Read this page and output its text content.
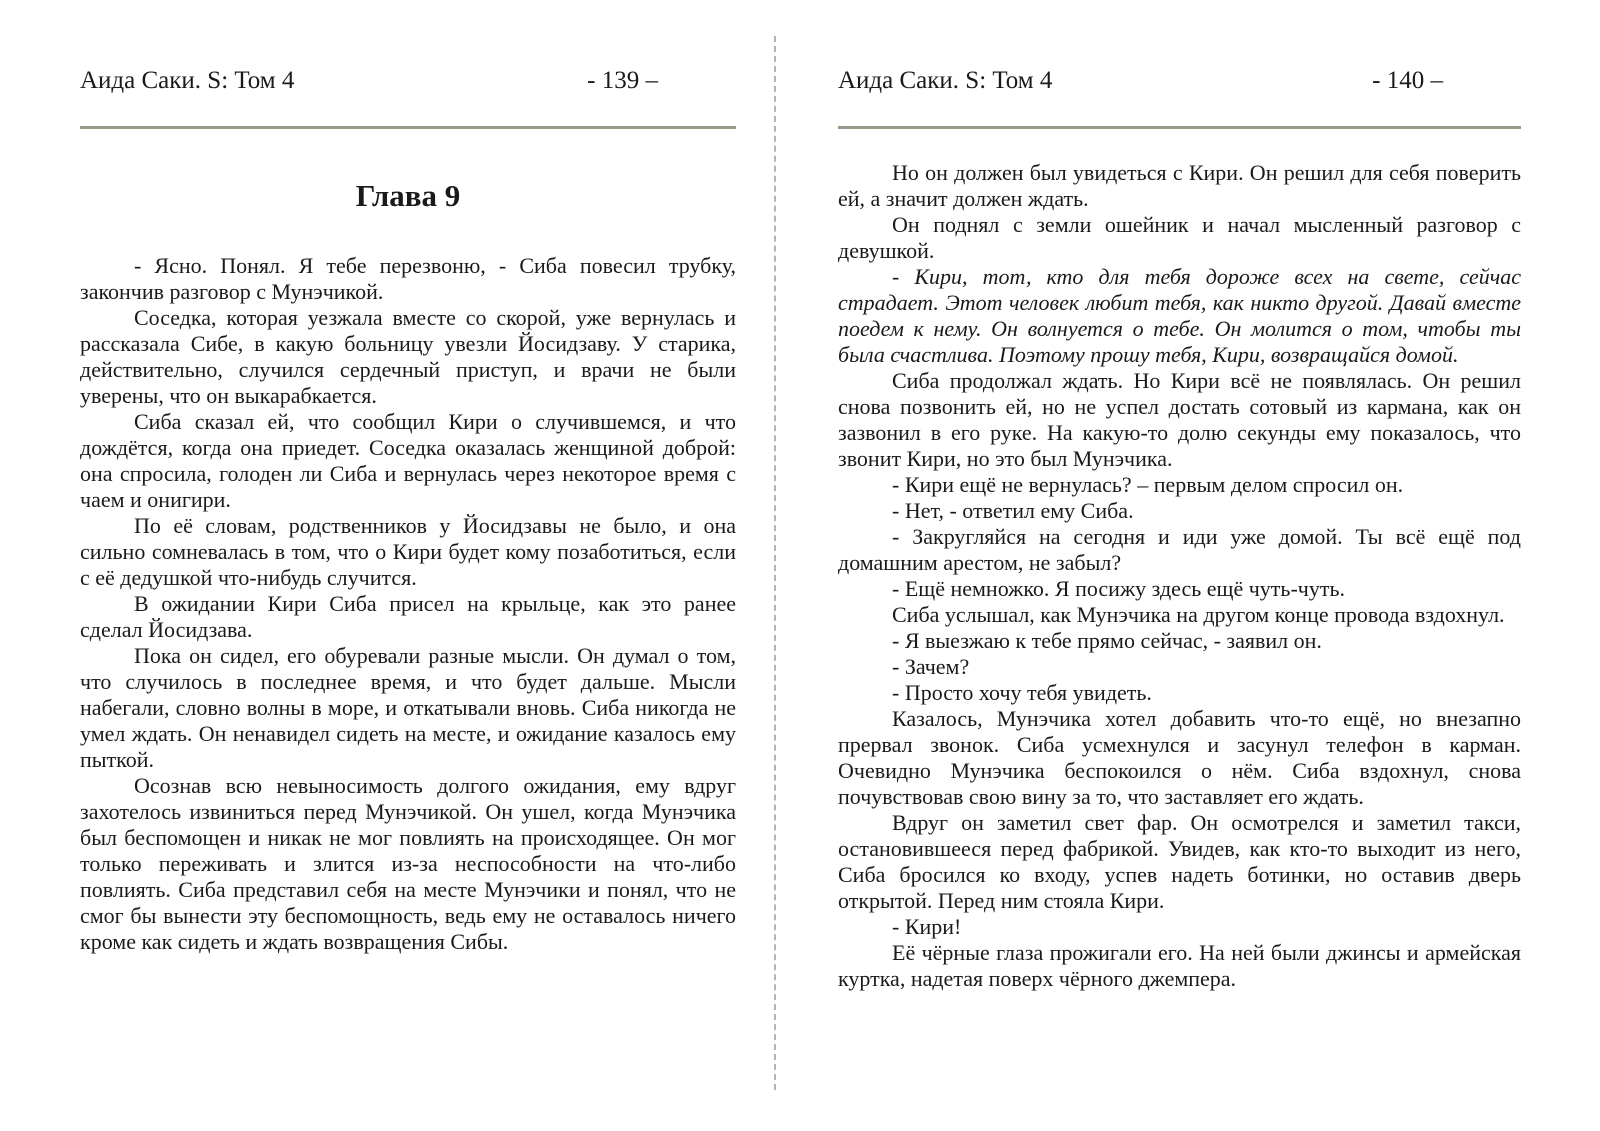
Аида Саки. S: Том 4	- 139 –
Глава 9

- Ясно. Понял. Я тебе перезвоню, - Сиба повесил трубку, закончив разговор с Мунэчикой.

Соседка, которая уезжала вместе со скорой, уже вернулась и рассказала Сибе, в какую больницу увезли Йосидзаву. У старика, действительно, случился сердечный приступ, и врачи не были уверены, что он выкарабкается.

Сиба сказал ей, что сообщил Кири о случившемся, и что дождётся, когда она приедет. Соседка оказалась женщиной доброй: она спросила, голоден ли Сиба и вернулась через некоторое время с чаем и онигири.

По её словам, родственников у Йосидзавы не было, и она сильно сомневалась в том, что о Кири будет кому позаботиться, если с её дедушкой что-нибудь случится.

В ожидании Кири Сиба присел на крыльце, как это ранее сделал Йосидзава.

Пока он сидел, его обуревали разные мысли. Он думал о том, что случилось в последнее время, и что будет дальше. Мысли набегали, словно волны в море, и откатывали вновь. Сиба никогда не умел ждать. Он ненавидел сидеть на месте, и ожидание казалось ему пыткой.

Осознав всю невыносимость долгого ожидания, ему вдруг захотелось извиниться перед Мунэчикой. Он ушел, когда Мунэчика был беспомощен и никак не мог повлиять на происходящее. Он мог только переживать и злится из-за неспособности на что-либо повлиять. Сиба представил себя на месте Мунэчики и понял, что не смог бы вынести эту беспомощность, ведь ему не оставалось ничего кроме как сидеть и ждать возвращения Сибы.

Аида Саки. S: Том 4	- 140 –

Но он должен был увидеться с Кири. Он решил для себя поверить ей, а значит должен ждать.

Он поднял с земли ошейник и начал мысленный разговор с девушкой.

- Кири, тот, кто для тебя дороже всех на свете, сейчас страдает. Этот человек любит тебя, как никто другой. Давай вместе поедем к нему. Он волнуется о тебе. Он молится о том, чтобы ты была счастлива. Поэтому прошу тебя, Кири, возвращайся домой.

Сиба продолжал ждать. Но Кири всё не появлялась. Он решил снова позвонить ей, но не успел достать сотовый из кармана, как он зазвонил в его руке. На какую-то долю секунды ему показалось, что звонит Кири, но это был Мунэчика.

- Кири ещё не вернулась? – первым делом спросил он.

- Нет, - ответил ему Сиба.

- Закругляйся на сегодня и иди уже домой. Ты всё ещё под домашним арестом, не забыл?

- Ещё немножко. Я посижу здесь ещё чуть-чуть.

Сиба услышал, как Мунэчика на другом конце провода вздохнул.

- Я выезжаю к тебе прямо сейчас, - заявил он.

- Зачем?

- Просто хочу тебя увидеть.

Казалось, Мунэчика хотел добавить что-то ещё, но внезапно прервал звонок. Сиба усмехнулся и засунул телефон в карман. Очевидно Мунэчика беспокоился о нём. Сиба вздохнул, снова почувствовав свою вину за то, что заставляет его ждать.

Вдруг он заметил свет фар. Он осмотрелся и заметил такси, остановившееся перед фабрикой. Увидев, как кто-то выходит из него, Сиба бросился ко входу, успев надеть ботинки, но оставив дверь открытой. Перед ним стояла Кири.

- Кири!

Её чёрные глаза прожигали его. На ней были джинсы и армейская куртка, надетая поверх чёрного джемпера.
